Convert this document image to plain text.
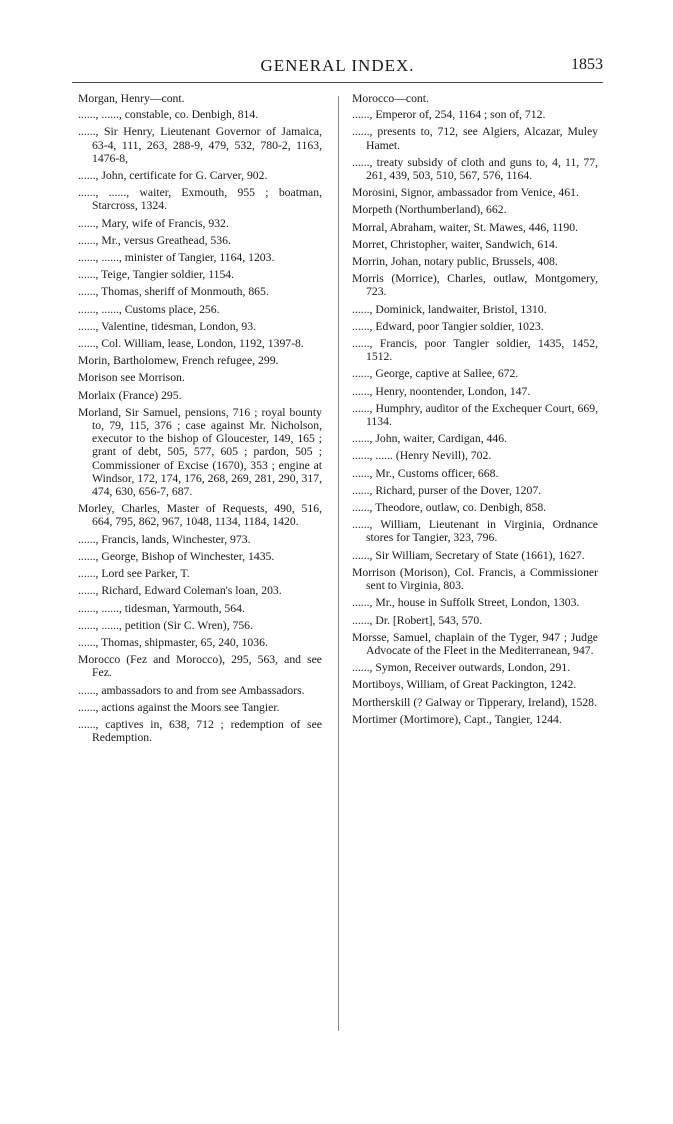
GENERAL INDEX.	1853
Morgan, Henry—cont.
......, ......, constable, co. Denbigh, 814.
......, Sir Henry, Lieutenant Governor of Jamaica, 63-4, 111, 263, 288-9, 479, 532, 780-2, 1163, 1476-8,
......, John, certificate for G. Carver, 902.
......, ......, waiter, Exmouth, 955 ; boatman, Starcross, 1324.
......, Mary, wife of Francis, 932.
......, Mr., versus Greathead, 536.
......, ......, minister of Tangier, 1164, 1203.
......, Teige, Tangier soldier, 1154.
......, Thomas, sheriff of Monmouth, 865.
......, ......, Customs place, 256.
......, Valentine, tidesman, London, 93.
......, Col. William, lease, London, 1192, 1397-8.
Morin, Bartholomew, French refugee, 299.
Morison see Morrison.
Morlaix (France) 295.
Morland, Sir Samuel, pensions, 716 ; royal bounty to, 79, 115, 376 ; case against Mr. Nicholson, executor to the bishop of Gloucester, 149, 165 ; grant of debt, 505, 577, 605 ; pardon, 505 ; Commissioner of Excise (1670), 353 ; engine at Windsor, 172, 174, 176, 268, 269, 281, 290, 317, 474, 630, 656-7, 687.
Morley, Charles, Master of Requests, 490, 516, 664, 795, 862, 967, 1048, 1134, 1184, 1420.
......, Francis, lands, Winchester, 973.
......, George, Bishop of Winchester, 1435.
......, Lord see Parker, T.
......, Richard, Edward Coleman's loan, 203.
......, ......, tidesman, Yarmouth, 564.
......, ......, petition (Sir C. Wren), 756.
......, Thomas, shipmaster, 65, 240, 1036.
Morocco (Fez and Morocco), 295, 563, and see Fez.
......, ambassadors to and from see Ambassadors.
......, actions against the Moors see Tangier.
......, captives in, 638, 712 ; redemption of see Redemption.
Morocco—cont.
......, Emperor of, 254, 1164 ; son of, 712.
......, presents to, 712, see Algiers, Alcazar, Muley Hamet.
......, treaty subsidy of cloth and guns to, 4, 11, 77, 261, 439, 503, 510, 567, 576, 1164.
Morosini, Signor, ambassador from Venice, 461.
Morpeth (Northumberland), 662.
Morral, Abraham, waiter, St. Mawes, 446, 1190.
Morret, Christopher, waiter, Sandwich, 614.
Morrin, Johan, notary public, Brussels, 408.
Morris (Morrice), Charles, outlaw, Montgomery, 723.
......, Dominick, landwaiter, Bristol, 1310.
......, Edward, poor Tangier soldier, 1023.
......, Francis, poor Tangier soldier, 1435, 1452, 1512.
......, George, captive at Sallee, 672.
......, Henry, noontender, London, 147.
......, Humphry, auditor of the Exchequer Court, 669, 1134.
......, John, waiter, Cardigan, 446.
......, ...... (Henry Nevill), 702.
......, Mr., Customs officer, 668.
......, Richard, purser of the Dover, 1207.
......, Theodore, outlaw, co. Denbigh, 858.
......, William, Lieutenant in Virginia, Ordnance stores for Tangier, 323, 796.
......, Sir William, Secretary of State (1661), 1627.
Morrison (Morison), Col. Francis, a Commissioner sent to Virginia, 803.
......, Mr., house in Suffolk Street, London, 1303.
......, Dr. [Robert], 543, 570.
Morsse, Samuel, chaplain of the Tyger, 947 ; Judge Advocate of the Fleet in the Mediterranean, 947.
......, Symon, Receiver outwards, London, 291.
Mortiboys, William, of Great Packington, 1242.
Mortherskill (? Galway or Tipperary, Ireland), 1528.
Mortimer (Mortimore), Capt., Tangier, 1244.
